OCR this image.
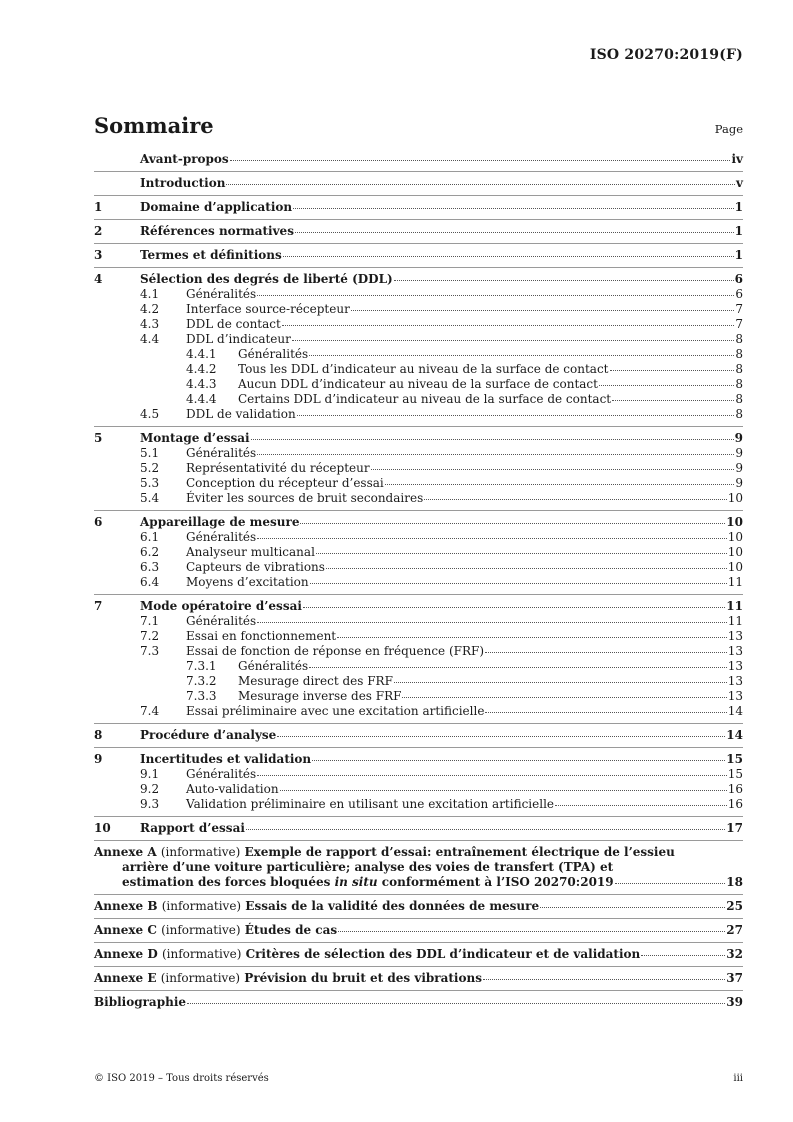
ISO 20270:2019(F)
Sommaire	Page
Avant-propos	iv
Introduction	v
1	Domaine d’application	1
2	Références normatives	1
3	Termes et définitions	1
4	Sélection des degrés de liberté (DDL)	6
4.1	Généralités	6
4.2	Interface source-récepteur	7
4.3	DDL de contact	7
4.4	DDL d’indicateur	8
4.4.1	Généralités	8
4.4.2	Tous les DDL d’indicateur au niveau de la surface de contact	8
4.4.3	Aucun DDL d’indicateur au niveau de la surface de contact	8
4.4.4	Certains DDL d’indicateur au niveau de la surface de contact	8
4.5	DDL de validation	8
5	Montage d’essai	9
5.1	Généralités	9
5.2	Représentativité du récepteur	9
5.3	Conception du récepteur d’essai	9
5.4	Éviter les sources de bruit secondaires	10
6	Appareillage de mesure	10
6.1	Généralités	10
6.2	Analyseur multicanal	10
6.3	Capteurs de vibrations	10
6.4	Moyens d’excitation	11
7	Mode opératoire d’essai	11
7.1	Généralités	11
7.2	Essai en fonctionnement	13
7.3	Essai de fonction de réponse en fréquence (FRF)	13
7.3.1	Généralités	13
7.3.2	Mesurage direct des FRF	13
7.3.3	Mesurage inverse des FRF	13
7.4	Essai préliminaire avec une excitation artificielle	14
8	Procédure d’analyse	14
9	Incertitudes et validation	15
9.1	Généralités	15
9.2	Auto-validation	16
9.3	Validation préliminaire en utilisant une excitation artificielle	16
10	Rapport d’essai	17
Annexe A (informative) Exemple de rapport d’essai: entraînement électrique de l’essieu
arrière d’une voiture particulière; analyse des voies de transfert (TPA) et
estimation des forces bloquées in situ conformément à l’ISO 20270:2019	18
Annexe B (informative) Essais de la validité des données de mesure	25
Annexe C (informative) Études de cas	27
Annexe D (informative) Critères de sélection des DDL d’indicateur et de validation	32
Annexe E (informative) Prévision du bruit et des vibrations	37
Bibliographie	39
© ISO 2019 – Tous droits réservés	iii
